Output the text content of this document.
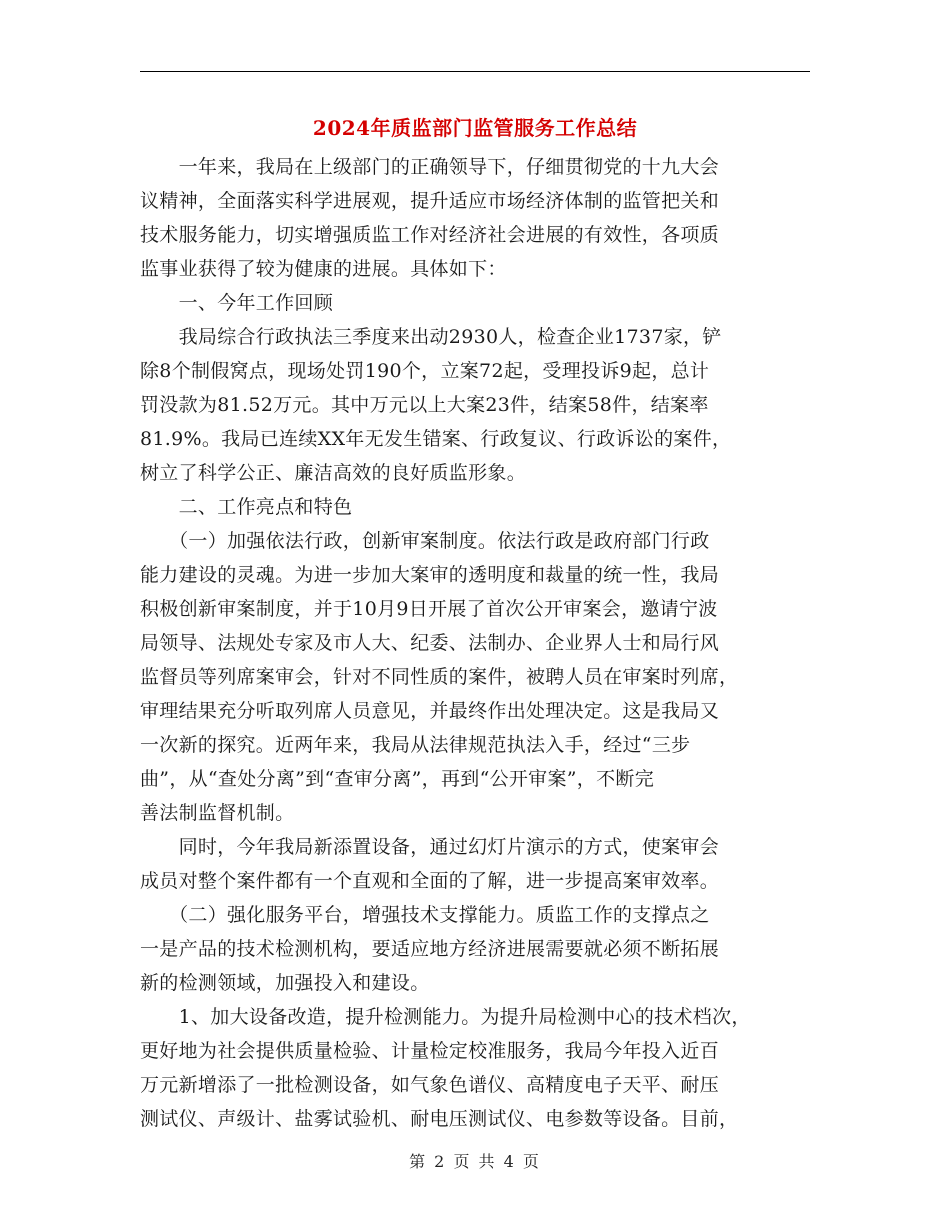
2024年质监部门监管服务工作总结
　　一年来，我局在上级部门的正确领导下，仔细贯彻党的十九大会
议精神，全面落实科学进展观，提升适应市场经济体制的监管把关和
技术服务能力，切实增强质监工作对经济社会进展的有效性，各项质
监事业获得了较为健康的进展。具体如下：
　　一、今年工作回顾
　　我局综合行政执法三季度来出动2930人，检查企业1737家，铲
除8个制假窝点，现场处罚190个，立案72起，受理投诉9起，总计
罚没款为81.52万元。其中万元以上大案23件，结案58件，结案率
81.9%。我局已连续XX年无发生错案、行政复议、行政诉讼的案件，
树立了科学公正、廉洁高效的良好质监形象。
　　二、工作亮点和特色
　　（一）加强依法行政，创新审案制度。依法行政是政府部门行政
能力建设的灵魂。为进一步加大案审的透明度和裁量的统一性，我局
积极创新审案制度，并于10月9日开展了首次公开审案会，邀请宁波
局领导、法规处专家及市人大、纪委、法制办、企业界人士和局行风
监督员等列席案审会，针对不同性质的案件，被聘人员在审案时列席，
审理结果充分听取列席人员意见，并最终作出处理决定。这是我局又
一次新的探究。近两年来，我局从法律规范执法入手，经过“三步
曲”，从“查处分离”到“查审分离”，再到“公开审案”，不断完
善法制监督机制。
　　同时，今年我局新添置设备，通过幻灯片演示的方式，使案审会
成员对整个案件都有一个直观和全面的了解，进一步提高案审效率。
　　（二）强化服务平台，增强技术支撑能力。质监工作的支撑点之
一是产品的技术检测机构，要适应地方经济进展需要就必须不断拓展
新的检测领域，加强投入和建设。
　　1、加大设备改造，提升检测能力。为提升局检测中心的技术档次，
更好地为社会提供质量检验、计量检定校准服务，我局今年投入近百
万元新增添了一批检测设备，如气象色谱仪、高精度电子天平、耐压
测试仪、声级计、盐雾试验机、耐电压测试仪、电参数等设备。目前，
第 2 页 共 4 页
